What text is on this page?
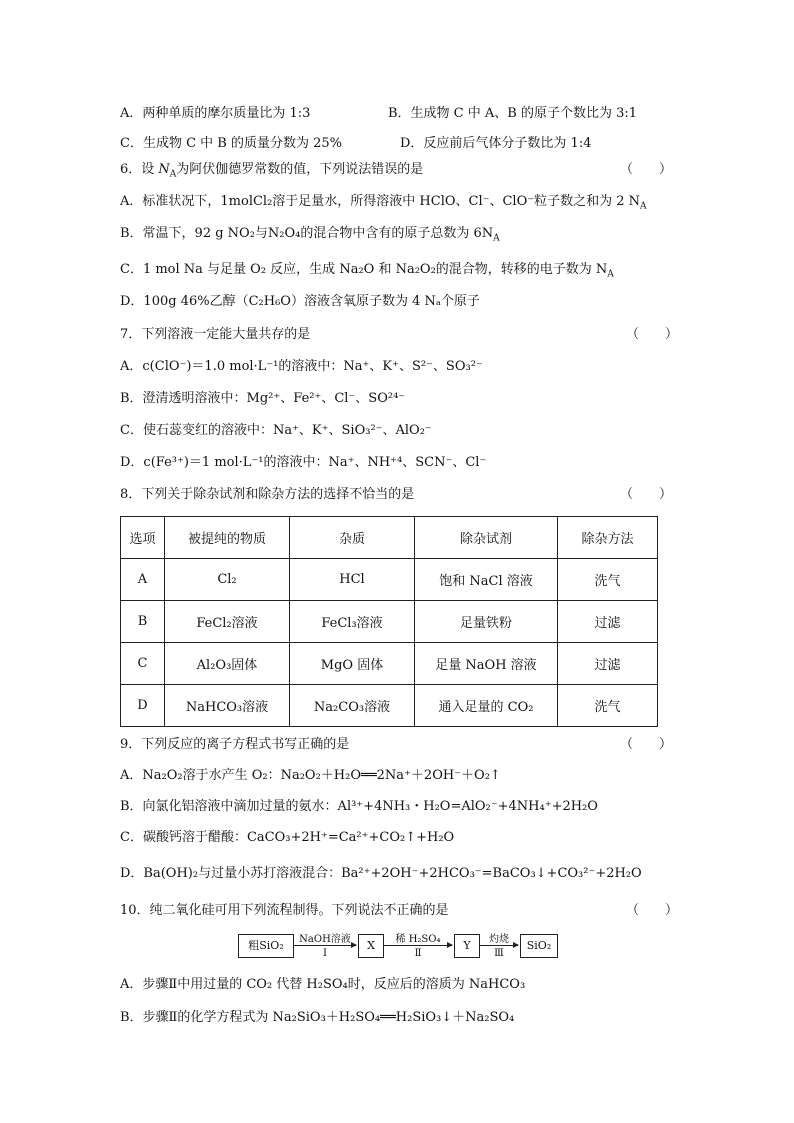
A．两种单质的摩尔质量比为 1:3	B．生成物 C 中 A、B 的原子个数比为 3:1
C．生成物 C 中 B 的质量分数为 25%	D．反应前后气体分子数比为 1:4
6．设 $N_A$为阿伏伽德罗常数的值，下列说法错误的是	（　　）
A．标准状况下，1molCl₂溶于足量水，所得溶液中 HClO、Cl⁻、ClO⁻粒子数之和为 2 $N_A$
B．常温下，92 g NO₂与N₂O₄的混合物中含有的原子总数为 $6N_A$
C．1 mol Na 与足量 O₂ 反应，生成 Na₂O 和 Na₂O₂的混合物，转移的电子数为 $N_A$
D．100g 46%乙醇（C₂H₆O）溶液含氧原子数为 4 Nₐ个原子
7．下列溶液一定能大量共存的是	（　　）
A．c(ClO⁻)＝1.0 mol·L⁻¹的溶液中：Na⁺、K⁺、S²⁻、SO₃²⁻
B．澄清透明溶液中：Mg²⁺、Fe²⁺、Cl⁻、SO²⁴⁻
C．使石蕊变红的溶液中：Na⁺、K⁺、SiO₃²⁻、AlO₂⁻
D．c(Fe³⁺)＝1 mol·L⁻¹的溶液中：Na⁺、NH⁺⁴、SCN⁻、Cl⁻
8．下列关于除杂试剂和除杂方法的选择不恰当的是	（　　）
选项	被提纯的物质	杂质	除杂试剂	除杂方法
A	Cl₂	HCl	饱和 NaCl 溶液	洗气
B	FeCl₂溶液	FeCl₃溶液	足量铁粉	过滤
C	Al₂O₃固体	MgO 固体	足量 NaOH 溶液	过滤
D	NaHCO₃溶液	Na₂CO₃溶液	通入足量的 CO₂	洗气
9．下列反应的离子方程式书写正确的是	（　　）
A．Na₂O₂溶于水产生 O₂：Na₂O₂＋H₂O══2Na⁺＋2OH⁻＋O₂↑
B．向氯化铝溶液中滴加过量的氨水：Al³⁺+4NH₃・H₂O=AlO₂⁻+4NH₄⁺+2H₂O
C．碳酸钙溶于醋酸：CaCO₃+2H⁺=Ca²⁺+CO₂↑+H₂O
D．Ba(OH)₂与过量小苏打溶液混合：Ba²⁺+2OH⁻+2HCO₃⁻=BaCO₃↓+CO₃²⁻+2H₂O
10．纯二氧化硅可用下列流程制得。下列说法不正确的是	（　　）
粗SiO₂	NaOH溶液
Ⅰ
X	稀 H₂SO₄
Ⅱ
Y	灼烧
Ⅲ
SiO₂
A．步骤Ⅱ中用过量的 CO₂ 代替 H₂SO₄时，反应后的溶质为 NaHCO₃
B．步骤Ⅱ的化学方程式为 Na₂SiO₃＋H₂SO₄══H₂SiO₃↓＋Na₂SO₄
